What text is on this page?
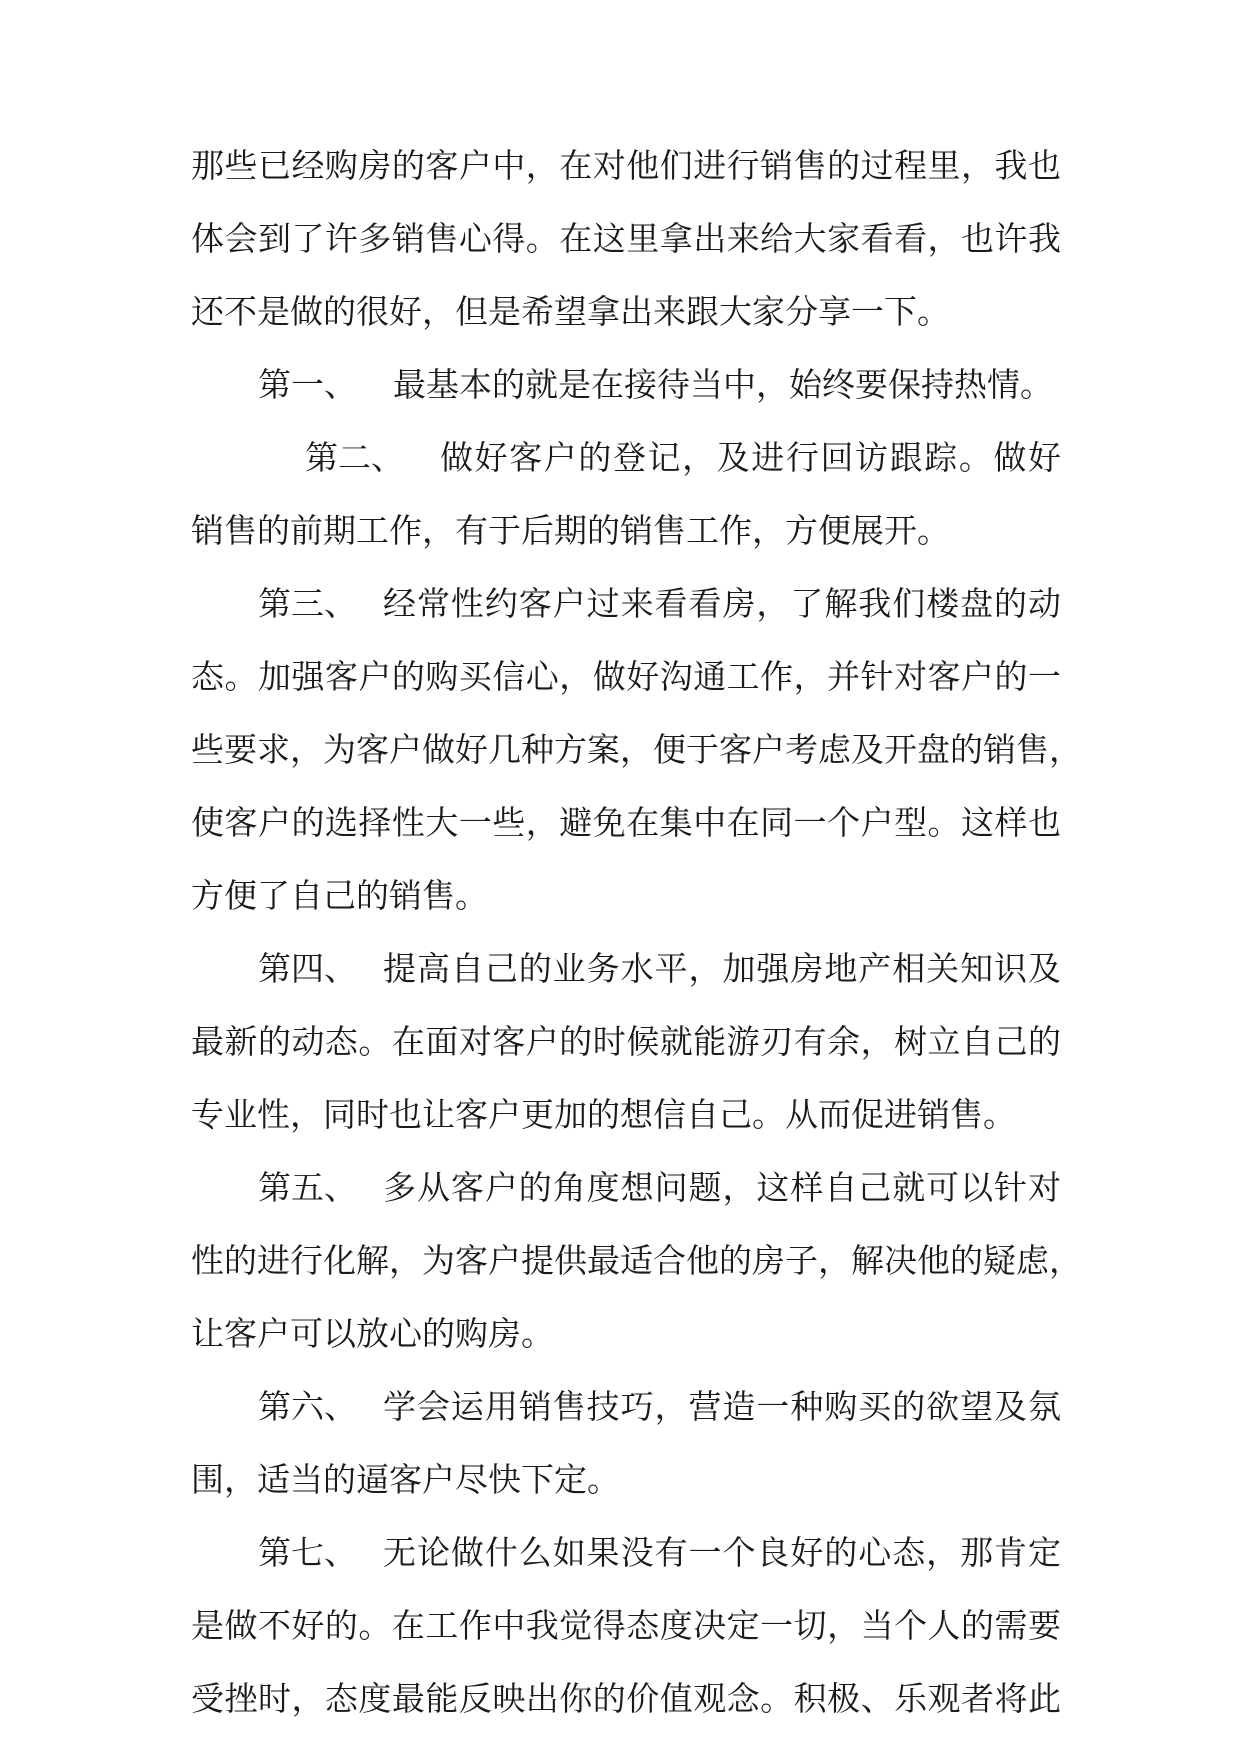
那些已经购房的客户中，在对他们进行销售的过程里，我也
体会到了许多销售心得。在这里拿出来给大家看看，也许我
还不是做的很好，但是希望拿出来跟大家分享一下。
第一、 最基本的就是在接待当中，始终要保持热情。
第二、 做好客户的登记，及进行回访跟踪。做好
销售的前期工作，有于后期的销售工作，方便展开。
第三、 经常性约客户过来看看房，了解我们楼盘的动
态。加强客户的购买信心，做好沟通工作，并针对客户的一
些要求，为客户做好几种方案，便于客户考虑及开盘的销售，
使客户的选择性大一些，避免在集中在同一个户型。这样也
方便了自己的销售。
第四、 提高自己的业务水平，加强房地产相关知识及
最新的动态。在面对客户的时候就能游刃有余，树立自己的
专业性，同时也让客户更加的想信自己。从而促进销售。
第五、 多从客户的角度想问题，这样自己就可以针对
性的进行化解，为客户提供最适合他的房子，解决他的疑虑，
让客户可以放心的购房。
第六、 学会运用销售技巧，营造一种购买的欲望及氛
围，适当的逼客户尽快下定。
第七、 无论做什么如果没有一个良好的心态，那肯定
是做不好的。在工作中我觉得态度决定一切，当个人的需要
受挫时，态度最能反映出你的价值观念。积极、乐观者将此
